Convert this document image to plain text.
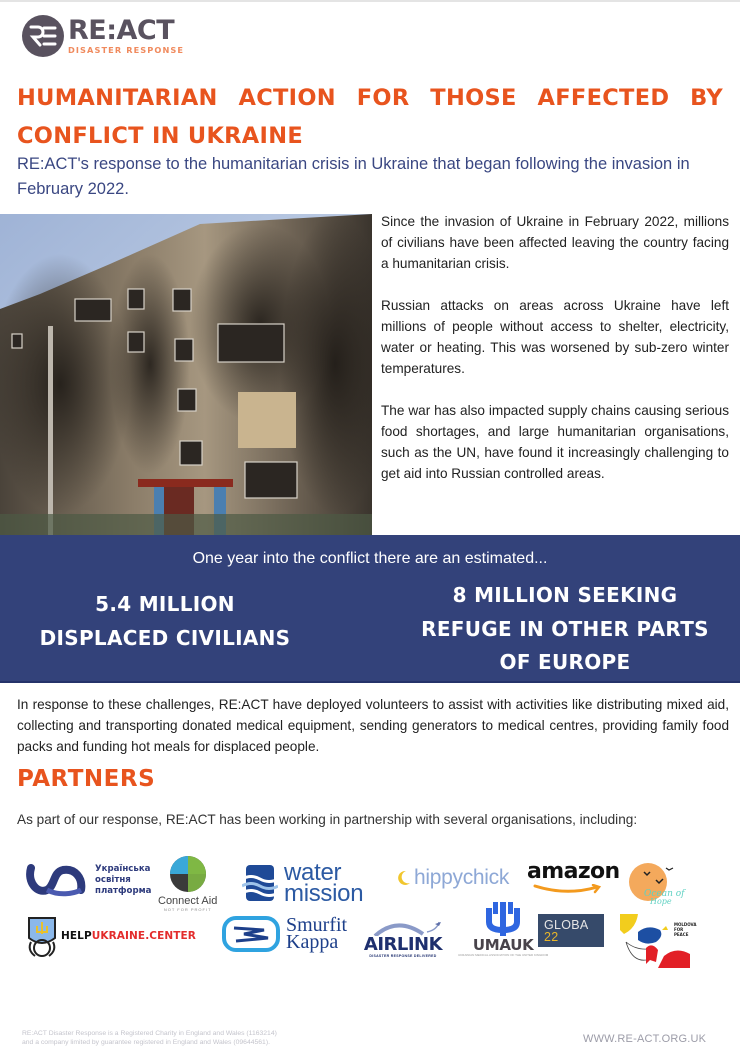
RE:ACT
DISASTER RESPONSE
HUMANITARIAN ACTION FOR THOSE AFFECTED BY CONFLICT IN UKRAINE

RE:ACT's response to the humanitarian crisis in Ukraine that began following the invasion in February 2022.

Since the invasion of Ukraine in February 2022, millions of civilians have been affected leaving the country facing a humanitarian crisis.

Russian attacks on areas across Ukraine have left millions of people without access to shelter, electricity, water or heating. This was worsened by sub-zero winter temperatures.

The war has also impacted supply chains causing serious food shortages, and large humanitarian organisations, such as the UN, have found it increasingly challenging to get aid into Russian controlled areas.

One year into the conflict there are an estimated...
5.4 MILLION
DISPLACED CIVILIANS
8 MILLION SEEKING
REFUGE IN OTHER PARTS
OF EUROPE

In response to these challenges, RE:ACT have deployed volunteers to assist with activities like distributing mixed aid, collecting and transporting donated medical equipment, sending generators to medical centres, providing family food packs and funding hot meals for displaced people.

PARTNERS

As part of our response, RE:ACT has been working in partnership with several organisations, including:

Українська
освітня
платформа
Connect Aid
NOT FOR PROFIT
water
mission
hippychick amazon
Ocean of
Hope
HELPUKRAINE.CENTER	Smurfit
Kappa	AIRLINK
DISASTER RESPONSE DELIVERED
UMAUK
UKRAINIAN MEDICAL ASSOCIATION OF THE UNITED KINGDOM
GLOBA
22
MOLDOVA
FOR
PEACE
RE:ACT Disaster Response is a Registered Charity in England and Wales (1163214)
and a company limited by guarantee registered in England and Wales (09644561).	WWW.RE-ACT.ORG.UK
